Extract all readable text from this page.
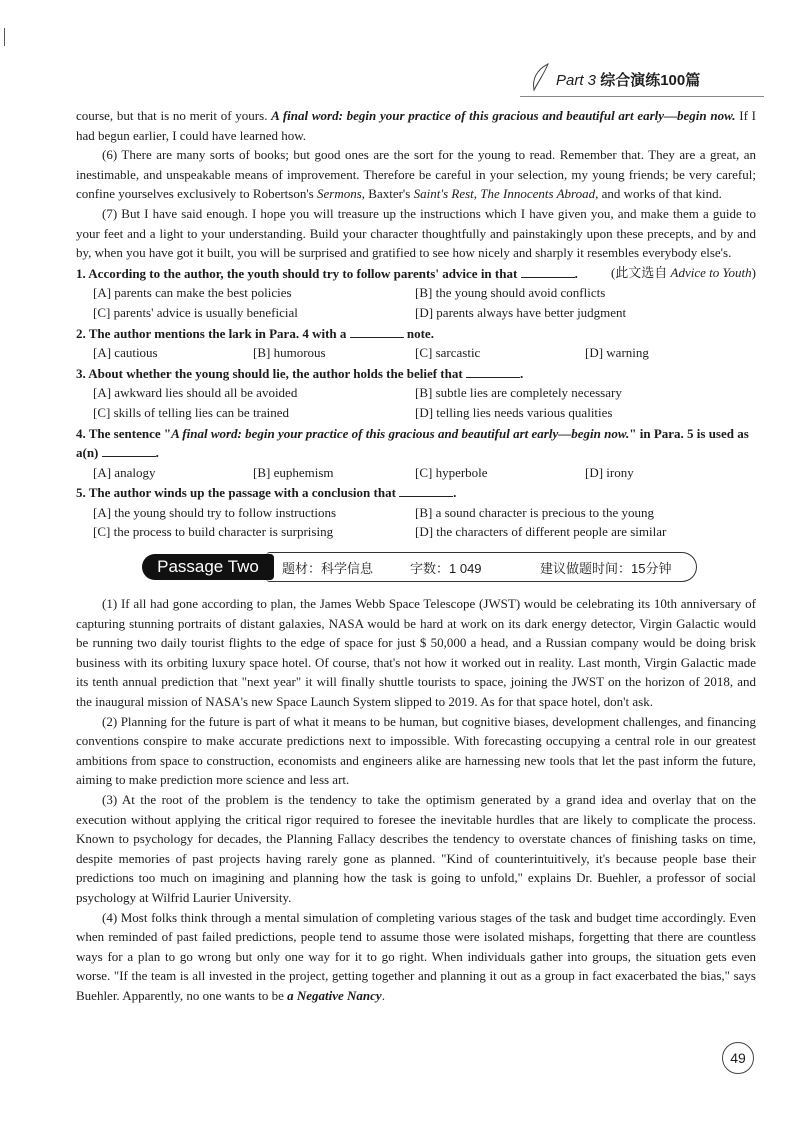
Part 3 综合演练100篇

course, but that is no merit of yours. A final word: begin your practice of this gracious and beautiful art early—begin now. If I had begun earlier, I could have learned how.

(6) There are many sorts of books; but good ones are the sort for the young to read. Remember that. They are a great, an inestimable, and unspeakable means of improvement. Therefore be careful in your selection, my young friends; be very careful; confine yourselves exclusively to Robertson's Sermons, Baxter's Saint's Rest, The Innocents Abroad, and works of that kind.

(7) But I have said enough. I hope you will treasure up the instructions which I have given you, and make them a guide to your feet and a light to your understanding. Build your character thoughtfully and painstakingly upon these precepts, and by and by, when you have got it built, you will be surprised and gratified to see how nicely and sharply it resembles everybody else's.
(此文选自 Advice to Youth)

1. According to the author, the youth should try to follow parents' advice in that	.
[A] parents can make the best policies	[B] the young should avoid conflicts
[C] parents' advice is usually beneficial	[D] parents always have better judgment
2. The author mentions the lark in Para. 4 with a	note.
[A] cautious	[B] humorous	[C] sarcastic	[D] warning
3. About whether the young should lie, the author holds the belief that	.
[A] awkward lies should all be avoided	[B] subtle lies are completely necessary
[C] skills of telling lies can be trained	[D] telling lies needs various qualities
4. The sentence "A final word: begin your practice of this gracious and beautiful art early—begin now." in Para. 5 is used as a(n)	.
[A] analogy	[B] euphemism	[C] hyperbole	[D] irony
5. The author winds up the passage with a conclusion that	.
[A] the young should try to follow instructions	[B] a sound character is precious to the young
[C] the process to build character is surprising	[D] the characters of different people are similar
Passage Two	题材：科学信息	字数：1 049	建议做题时间：15分钟

(1) If all had gone according to plan, the James Webb Space Telescope (JWST) would be celebrating its 10th anniversary of capturing stunning portraits of distant galaxies, NASA would be hard at work on its dark energy detector, Virgin Galactic would be running two daily tourist flights to the edge of space for just $ 50,000 a head, and a Russian company would be doing brisk business with its orbiting luxury space hotel. Of course, that's not how it worked out in reality. Last month, Virgin Galactic made its tenth annual prediction that "next year" it will finally shuttle tourists to space, joining the JWST on the horizon of 2018, and the inaugural mission of NASA's new Space Launch System slipped to 2019. As for that space hotel, don't ask.

(2) Planning for the future is part of what it means to be human, but cognitive biases, development challenges, and financing conventions conspire to make accurate predictions next to impossible. With forecasting occupying a central role in our greatest ambitions from space to construction, economists and engineers alike are harnessing new tools that let the past inform the future, aiming to make prediction more science and less art.

(3) At the root of the problem is the tendency to take the optimism generated by a grand idea and overlay that on the execution without applying the critical rigor required to foresee the inevitable hurdles that are likely to complicate the process. Known to psychology for decades, the Planning Fallacy describes the tendency to overstate chances of finishing tasks on time, despite memories of past projects having rarely gone as planned. "Kind of counterintuitively, it's because people base their predictions too much on imagining and planning how the task is going to unfold," explains Dr. Buehler, a professor of social psychology at Wilfrid Laurier University.

(4) Most folks think through a mental simulation of completing various stages of the task and budget time accordingly. Even when reminded of past failed predictions, people tend to assume those were isolated mishaps, forgetting that there are countless ways for a plan to go wrong but only one way for it to go right. When individuals gather into groups, the situation gets even worse. "If the team is all invested in the project, getting together and planning it out as a group in fact exacerbated the bias," says Buehler. Apparently, no one wants to be a Negative Nancy.

49
